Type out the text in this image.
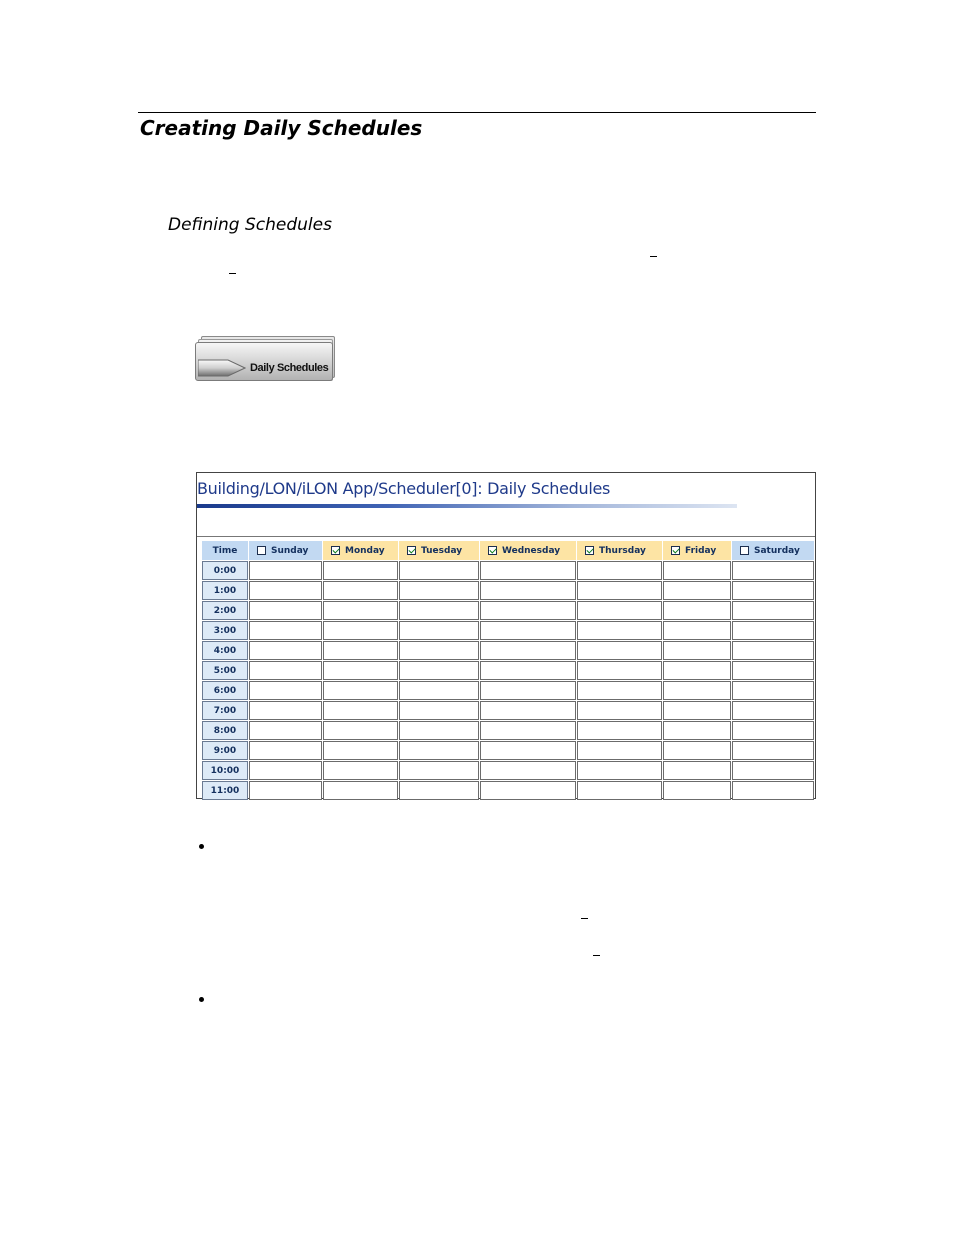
Creating Daily Schedules
Defining Schedules
Daily Schedules
Building/LON/iLON App/Scheduler[0]: Daily Schedules
Time	Sunday	Monday	Tuesday	Wednesday	Thursday	Friday	Saturday

0:00							
1:00							
2:00							
3:00							
4:00							
5:00							
6:00							
7:00							
8:00							
9:00							
10:00							
11:00							
